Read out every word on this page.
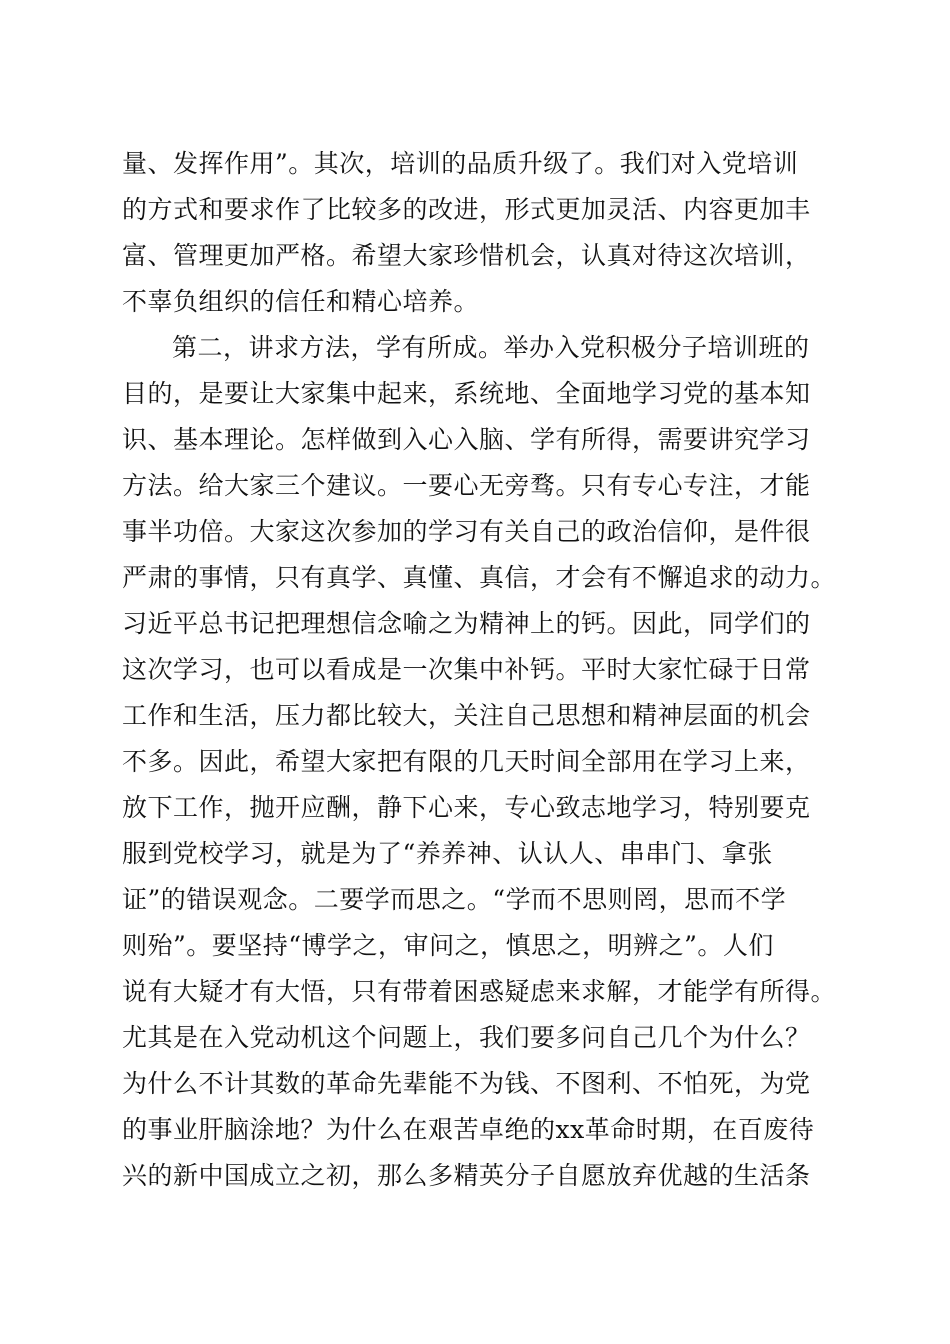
量、发挥作用”。其次，培训的品质升级了。我们对入党培训
的方式和要求作了比较多的改进，形式更加灵活、内容更加丰
富、管理更加严格。希望大家珍惜机会，认真对待这次培训，
不辜负组织的信任和精心培养。
第二，讲求方法，学有所成。举办入党积极分子培训班的
目的，是要让大家集中起来，系统地、全面地学习党的基本知
识、基本理论。怎样做到入心入脑、学有所得，需要讲究学习
方法。给大家三个建议。一要心无旁骛。只有专心专注，才能
事半功倍。大家这次参加的学习有关自己的政治信仰，是件很
严肃的事情，只有真学、真懂、真信，才会有不懈追求的动力。
习近平总书记把理想信念喻之为精神上的钙。因此，同学们的
这次学习，也可以看成是一次集中补钙。平时大家忙碌于日常
工作和生活，压力都比较大，关注自己思想和精神层面的机会
不多。因此，希望大家把有限的几天时间全部用在学习上来，
放下工作，抛开应酬，静下心来，专心致志地学习，特别要克
服到党校学习，就是为了“养养神、认认人、串串门、拿张
证”的错误观念。二要学而思之。“学而不思则罔，思而不学
则殆”。要坚持“博学之，审问之，慎思之，明辨之”。人们
说有大疑才有大悟，只有带着困惑疑虑来求解，才能学有所得。
尤其是在入党动机这个问题上，我们要多问自己几个为什么？
为什么不计其数的革命先辈能不为钱、不图利、不怕死，为党
的事业肝脑涂地？为什么在艰苦卓绝的xx革命时期，在百废待
兴的新中国成立之初，那么多精英分子自愿放弃优越的生活条
